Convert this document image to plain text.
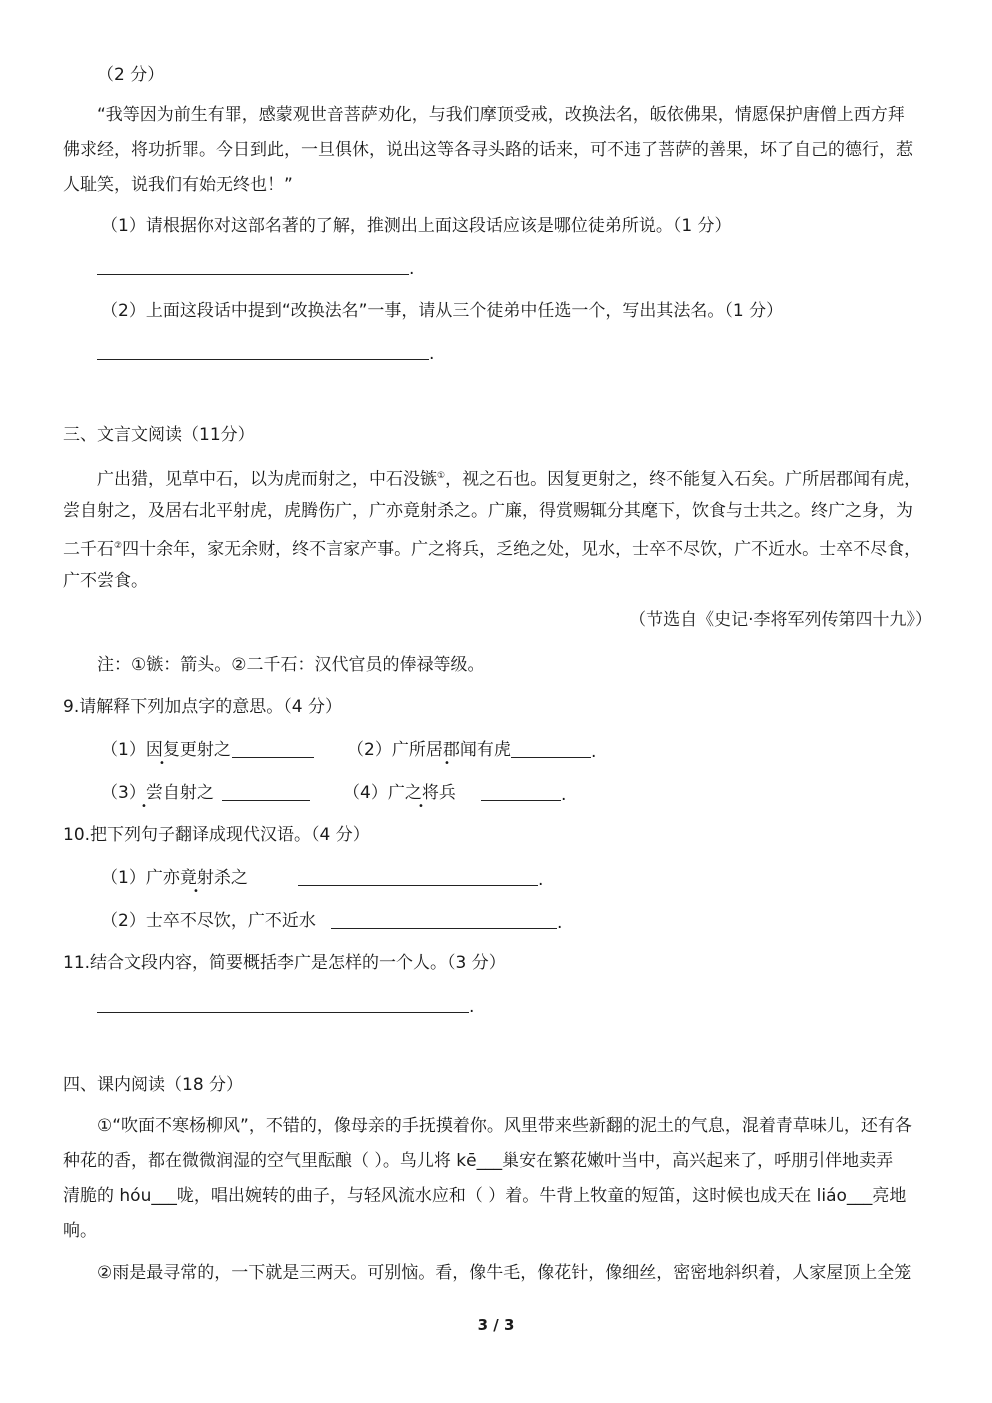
（2 分）
“我等因为前生有罪，感蒙观世音菩萨劝化，与我们摩顶受戒，改换法名，皈依佛果，情愿保护唐僧上西方拜
佛求经，将功折罪。今日到此，一旦俱休，说出这等各寻头路的话来，可不违了菩萨的善果，坏了自己的德行，惹
人耻笑，说我们有始无终也！”
（1）请根据你对这部名著的了解，推测出上面这段话应该是哪位徒弟所说。（1 分）
.
（2）上面这段话中提到“改换法名”一事，请从三个徒弟中任选一个，写出其法名。（1 分）
.
三、文言文阅读（11分）
广出猎，见草中石，以为虎而射之，中石没镞①，视之石也。因复更射之，终不能复入石矣。广所居郡闻有虎，
尝自射之，及居右北平射虎，虎腾伤广，广亦竟射杀之。广廉，得赏赐辄分其麾下，饮食与士共之。终广之身，为
二千石②四十余年，家无余财，终不言家产事。广之将兵，乏绝之处，见水，士卒不尽饮，广不近水。士卒不尽食，
广不尝食。
（节选自《史记·李将军列传第四十九》）
注：①镞：箭头。②二千石：汉代官员的俸禄等级。
9.请解释下列加点字的意思。（4 分）
（1）因复更射之
•
（2）广所居郡闻有虎
•
.
（3）尝自射之
•
（4）广之将兵
•
.
10.把下列句子翻译成现代汉语。（4 分）
（1）广亦竟射杀之
•
.
（2）士卒不尽饮，广不近水	.
11.结合文段内容，简要概括李广是怎样的一个人。（3 分）
.
四、课内阅读（18 分）
①“吹面不寒杨柳风”，不错的，像母亲的手抚摸着你。风里带来些新翻的泥土的气息，混着青草味儿，还有各
种花的香，都在微微润湿的空气里酝酿（ ）。鸟儿将 kē___巢安在繁花嫩叶当中，高兴起来了，呼朋引伴地卖弄
清脆的 hóu___咙，唱出婉转的曲子，与轻风流水应和（ ）着。牛背上牧童的短笛，这时候也成天在 liáo___亮地
响。
②雨是最寻常的，一下就是三两天。可别恼。看，像牛毛，像花针，像细丝，密密地斜织着，人家屋顶上全笼
3 / 3
